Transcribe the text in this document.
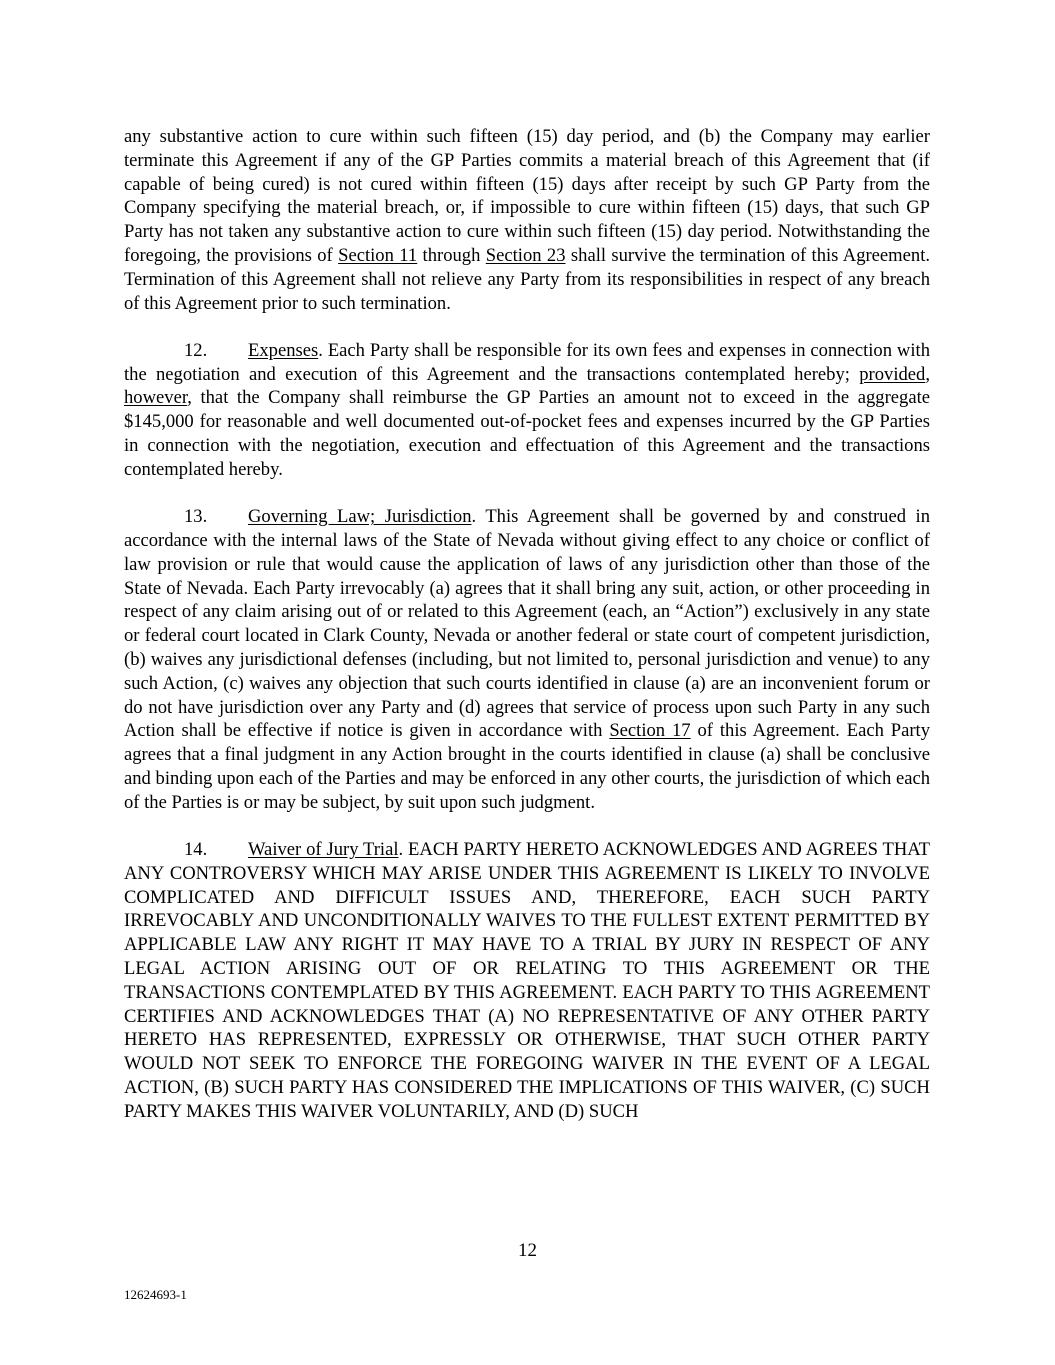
any substantive action to cure within such fifteen (15) day period, and (b) the Company may earlier terminate this Agreement if any of the GP Parties commits a material breach of this Agreement that (if capable of being cured) is not cured within fifteen (15) days after receipt by such GP Party from the Company specifying the material breach, or, if impossible to cure within fifteen (15) days, that such GP Party has not taken any substantive action to cure within such fifteen (15) day period. Notwithstanding the foregoing, the provisions of Section 11 through Section 23 shall survive the termination of this Agreement. Termination of this Agreement shall not relieve any Party from its responsibilities in respect of any breach of this Agreement prior to such termination.

12. Expenses. Each Party shall be responsible for its own fees and expenses in connection with the negotiation and execution of this Agreement and the transactions contemplated hereby; provided, however, that the Company shall reimburse the GP Parties an amount not to exceed in the aggregate $145,000 for reasonable and well documented out-of-pocket fees and expenses incurred by the GP Parties in connection with the negotiation, execution and effectuation of this Agreement and the transactions contemplated hereby.

13. Governing Law; Jurisdiction. This Agreement shall be governed by and construed in accordance with the internal laws of the State of Nevada without giving effect to any choice or conflict of law provision or rule that would cause the application of laws of any jurisdiction other than those of the State of Nevada. Each Party irrevocably (a) agrees that it shall bring any suit, action, or other proceeding in respect of any claim arising out of or related to this Agreement (each, an “Action”) exclusively in any state or federal court located in Clark County, Nevada or another federal or state court of competent jurisdiction, (b) waives any jurisdictional defenses (including, but not limited to, personal jurisdiction and venue) to any such Action, (c) waives any objection that such courts identified in clause (a) are an inconvenient forum or do not have jurisdiction over any Party and (d) agrees that service of process upon such Party in any such Action shall be effective if notice is given in accordance with Section 17 of this Agreement. Each Party agrees that a final judgment in any Action brought in the courts identified in clause (a) shall be conclusive and binding upon each of the Parties and may be enforced in any other courts, the jurisdiction of which each of the Parties is or may be subject, by suit upon such judgment.

14. Waiver of Jury Trial. EACH PARTY HERETO ACKNOWLEDGES AND AGREES THAT ANY CONTROVERSY WHICH MAY ARISE UNDER THIS AGREEMENT IS LIKELY TO INVOLVE COMPLICATED AND DIFFICULT ISSUES AND, THEREFORE, EACH SUCH PARTY IRREVOCABLY AND UNCONDITIONALLY WAIVES TO THE FULLEST EXTENT PERMITTED BY APPLICABLE LAW ANY RIGHT IT MAY HAVE TO A TRIAL BY JURY IN RESPECT OF ANY LEGAL ACTION ARISING OUT OF OR RELATING TO THIS AGREEMENT OR THE TRANSACTIONS CONTEMPLATED BY THIS AGREEMENT. EACH PARTY TO THIS AGREEMENT CERTIFIES AND ACKNOWLEDGES THAT (A) NO REPRESENTATIVE OF ANY OTHER PARTY HERETO HAS REPRESENTED, EXPRESSLY OR OTHERWISE, THAT SUCH OTHER PARTY WOULD NOT SEEK TO ENFORCE THE FOREGOING WAIVER IN THE EVENT OF A LEGAL ACTION, (B) SUCH PARTY HAS CONSIDERED THE IMPLICATIONS OF THIS WAIVER, (C) SUCH PARTY MAKES THIS WAIVER VOLUNTARILY, AND (D) SUCH

12
12624693-1
